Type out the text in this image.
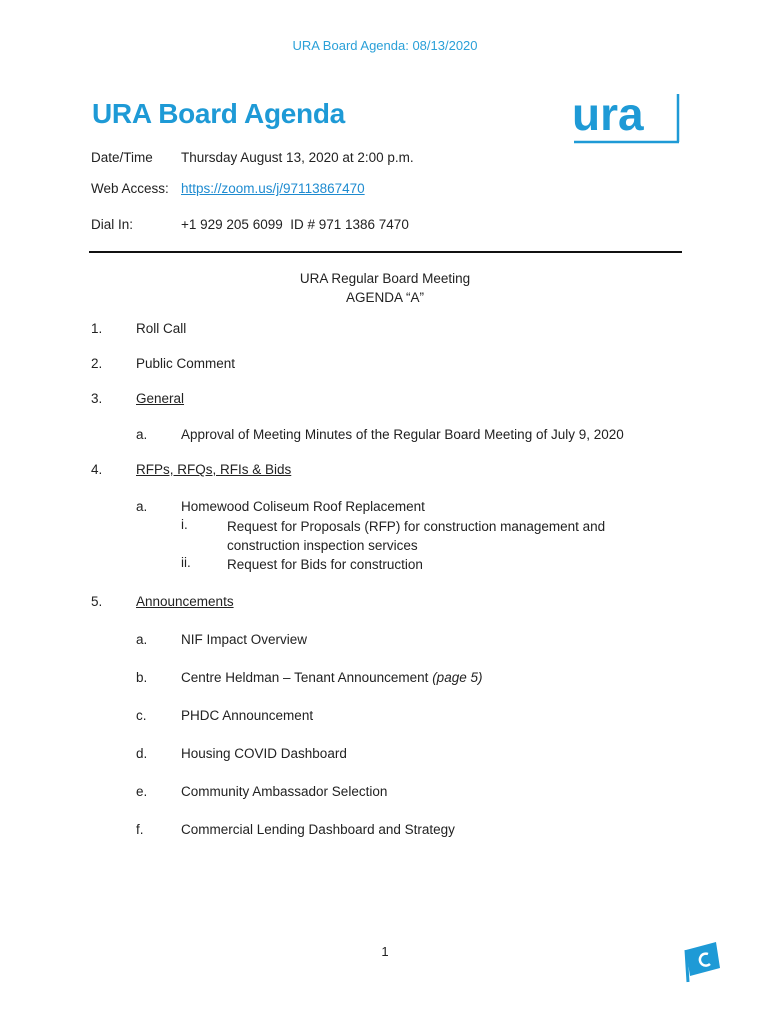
URA Board Agenda: 08/13/2020
URA Board Agenda	ura
Date/Time Thursday August 13, 2020 at 2:00 p.m.
Web Access: https://zoom.us/j/97113867470
Dial In:	+1 929 205 6099  ID # 971 1386 7470
URA Regular Board Meeting
AGENDA “A”
1. Roll Call
2. Public Comment
3. General
a. Approval of Meeting Minutes of the Regular Board Meeting of July 9, 2020
4. RFPs, RFQs, RFIs & Bids
a. Homewood Coliseum Roof Replacement
i.	Request for Proposals (RFP) for construction management and construction inspection services
ii.	Request for Bids for construction
5. Announcements
a. NIF Impact Overview
b. Centre Heldman – Tenant Announcement (page 5)
c.	PHDC Announcement
d. Housing COVID Dashboard
e. Community Ambassador Selection
f.	Commercial Lending Dashboard and Strategy
1
